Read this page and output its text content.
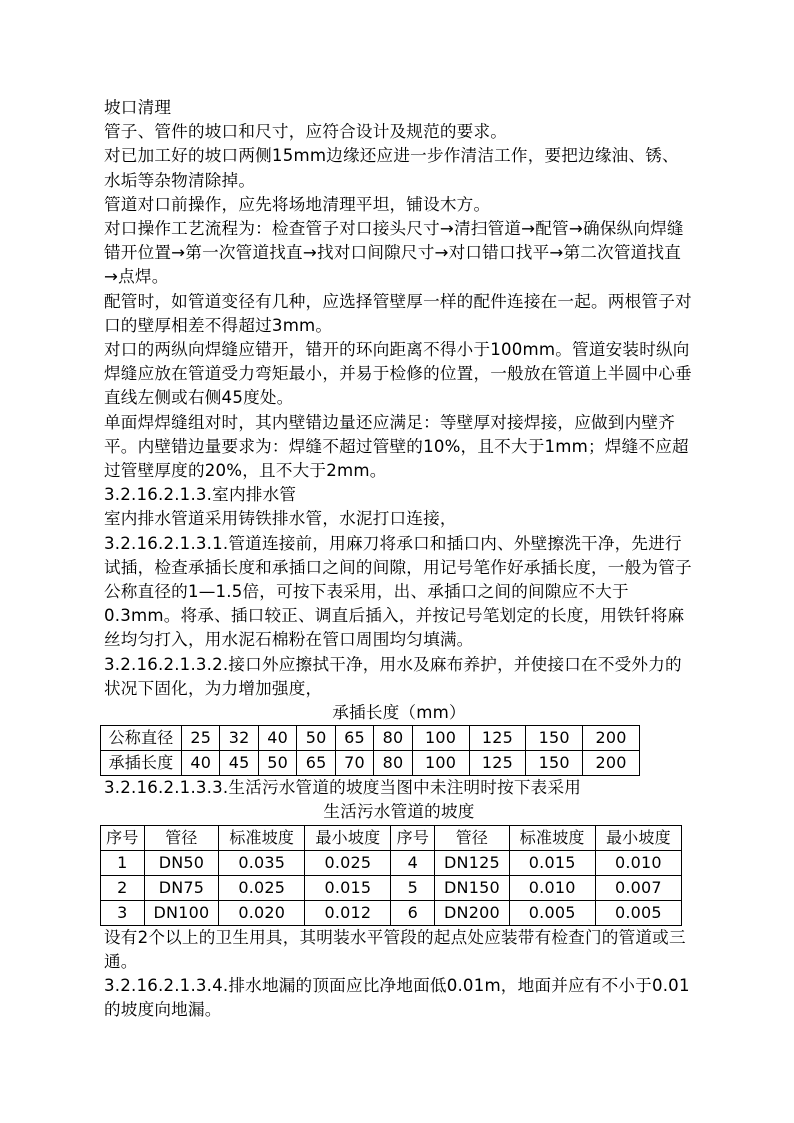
坡口清理

管子、管件的坡口和尺寸，应符合设计及规范的要求。

对已加工好的坡口两侧15mm边缘还应进一步作清洁工作，要把边缘油、锈、水垢等杂物清除掉。

管道对口前操作，应先将场地清理平坦，铺设木方。

对口操作工艺流程为：检查管子对口接头尺寸→清扫管道→配管→确保纵向焊缝错开位置→第一次管道找直→找对口间隙尺寸→对口错口找平→第二次管道找直→点焊。

配管时，如管道变径有几种，应选择管壁厚一样的配件连接在一起。两根管子对口的壁厚相差不得超过3mm。

对口的两纵向焊缝应错开，错开的环向距离不得小于100mm。管道安装时纵向焊缝应放在管道受力弯矩最小，并易于检修的位置，一般放在管道上半圆中心垂直线左侧或右侧45度处。

单面焊焊缝组对时，其内壁错边量还应满足：等壁厚对接焊接，应做到内壁齐平。内壁错边量要求为：焊缝不超过管壁的10%，且不大于1mm；焊缝不应超过管壁厚度的20%，且不大于2mm。

3.2.16.2.1.3.室内排水管

室内排水管道采用铸铁排水管，水泥打口连接，

3.2.16.2.1.3.1.管道连接前，用麻刀将承口和插口内、外壁擦洗干净，先进行试插，检查承插长度和承插口之间的间隙，用记号笔作好承插长度，一般为管子公称直径的1—1.5倍，可按下表采用，出、承插口之间的间隙应不大于0.3mm。将承、插口较正、调直后插入，并按记号笔划定的长度，用铁钎将麻丝均匀打入，用水泥石棉粉在管口周围均匀填满。

3.2.16.2.1.3.2.接口外应擦拭干净，用水及麻布养护，并使接口在不受外力的状况下固化，为力增加强度，

承插长度（mm）

公称直径	25	32	40	50	65	80	100	125	150	200
承插长度	40	45	50	65	70	80	100	125	150	200

3.2.16.2.1.3.3.生活污水管道的坡度当图中未注明时按下表采用

生活污水管道的坡度

序号	管径	标准坡度	最小坡度	序号	管径	标准坡度	最小坡度
1	DN50	0.035	0.025	4	DN125	0.015	0.010
2	DN75	0.025	0.015	5	DN150	0.010	0.007
3	DN100	0.020	0.012	6	DN200	0.005	0.005

设有2个以上的卫生用具，其明装水平管段的起点处应装带有检查门的管道或三通。

3.2.16.2.1.3.4.排水地漏的顶面应比净地面低0.01m，地面并应有不小于0.01的坡度向地漏。
